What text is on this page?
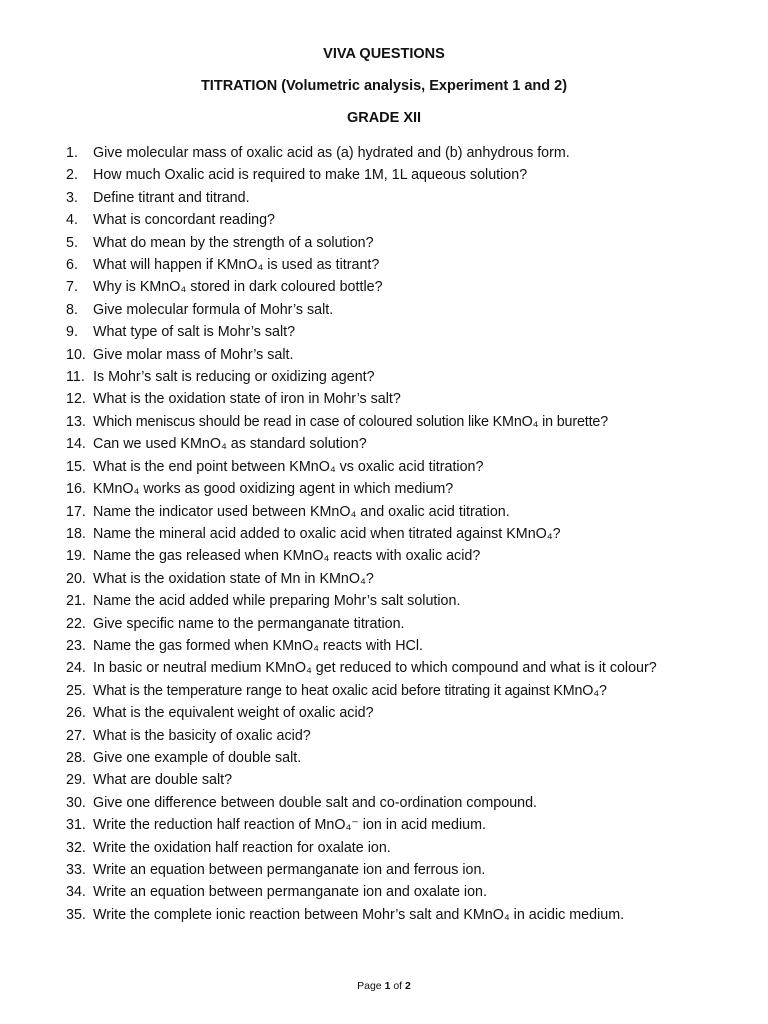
VIVA QUESTIONS
TITRATION (Volumetric analysis, Experiment 1 and 2)
GRADE XII
1.	Give molecular mass of oxalic acid as (a) hydrated and (b) anhydrous form.
2.	How much Oxalic acid is required to make 1M, 1L aqueous solution?
3.	Define titrant and titrand.
4.	What is concordant reading?
5.	What do mean by the strength of a solution?
6.	What will happen if KMnO₄ is used as titrant?
7.	Why is KMnO₄ stored in dark coloured bottle?
8.	Give molecular formula of Mohr’s salt.
9.	What type of salt is Mohr’s salt?
10. Give molar mass of Mohr’s salt.
11. Is Mohr’s salt is reducing or oxidizing agent?
12. What is the oxidation state of iron in Mohr’s salt?
13. Which meniscus should be read in case of coloured solution like KMnO₄ in burette?
14. Can we used KMnO₄ as standard solution?
15. What is the end point between KMnO₄ vs oxalic acid titration?
16. KMnO₄ works as good oxidizing agent in which medium?
17. Name the indicator used between KMnO₄ and oxalic acid titration.
18. Name the mineral acid added to oxalic acid when titrated against KMnO₄?
19. Name the gas released when KMnO₄ reacts with oxalic acid?
20. What is the oxidation state of Mn in KMnO₄?
21. Name the acid added while preparing Mohr’s salt solution.
22. Give specific name to the permanganate titration.
23. Name the gas formed when KMnO₄ reacts with HCl.
24. In basic or neutral medium KMnO₄ get reduced to which compound and what is it colour?
25. What is the temperature range to heat oxalic acid before titrating it against KMnO₄?
26. What is the equivalent weight of oxalic acid?
27. What is the basicity of oxalic acid?
28. Give one example of double salt.
29. What are double salt?
30. Give one difference between double salt and co-ordination compound.
31. Write the reduction half reaction of MnO₄⁻ ion in acid medium.
32. Write the oxidation half reaction for oxalate ion.
33. Write an equation between permanganate ion and ferrous ion.
34. Write an equation between permanganate ion and oxalate ion.
35. Write the complete ionic reaction between Mohr’s salt and KMnO₄ in acidic medium.
Page 1 of 2
